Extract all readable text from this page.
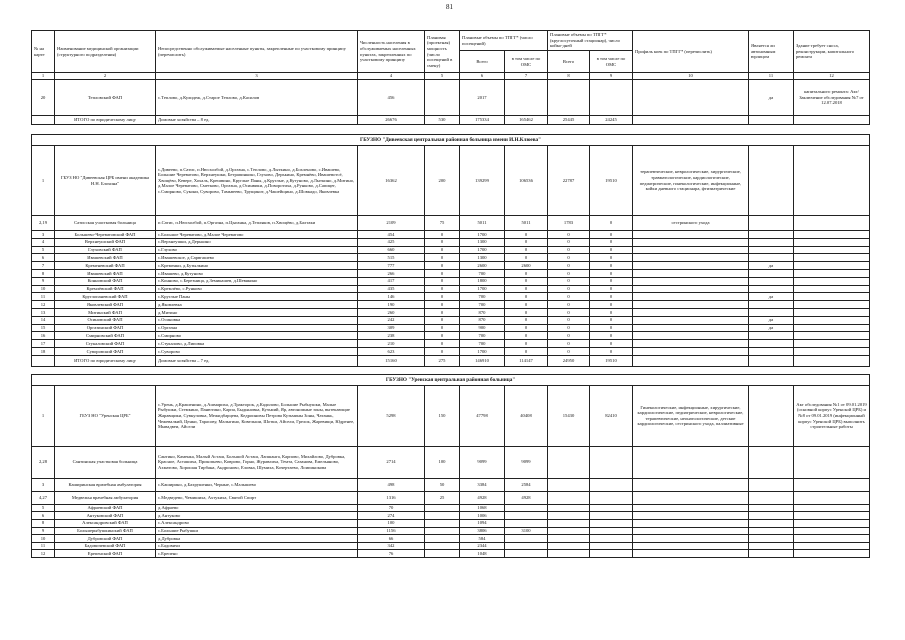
81
№ на карте	Наименование медицинской организации (структурного подразделения)	Непосредственно обслуживаемые населенные пункты, закрепленные по участковому принципу (перечислить)	Численность населения в обслуживаемых населенных пунктах, закрепленных по участковому принципу	Плановая (проектная) мощность (число посещений в смену)	Плановые объемы по ТПГГ* (число посещений)		Плановые объемы по ТПГГ* (круглосуточный стационар), число койко-дней		Профиль коек по ТПГГ* (перечислить)	Является ли автономным юрлицом	Здание требует сноса, реконструкции, капитального ремонта
					Всего	в том числе по ОМС	Всего	в том числе по ОМС			
1	2	3	4	5	6	7	8	9	10	11	12
20	Тепловский ФАП	с.Теплово, д.Кулидеж, д.Старое Теплово, д.Касилов	456		2017					да	капитального ремонта: Акт/Заключение обследования №7 от 12.07.2018
	ИТОГО по юридическому лицу	Домовые хозяйства – 8 ед.	26676	530	175334	165462	25445	24245			

ГБУЗНО "Дивеевская центральная районная больница имени И.Н.Клюева"											
1	ГБУЗ НО "Дивеевская ЦРБ имени академика Н.Н. Блохина"	с.Дивеево, п.Сатис, п.Нюсхолбой, д.Оргазна, с.Теплово, д.Лыткино, д.Бохленово, с.Ивашево, Большие Череватово, Верхнеушки, Бетрапинкоко, Глухово, Дерькино, Кремнёво, Ивашевотсё, Хвощёво, Кевере, Хохаль, Крешвино, Круглые Паны, д.Круглые, д.Кутуново, д.Лыткино, д.Митино, д.Малое Череватово, Сметково, Оргазна, д.Осинвики, д.Поворотиха, д.Рунково, д.Сапицег, с.Смирново, Сукони, Суворово, Тамьвеево, Трущинот, д.Чашейщино, д.Шовкадо, Яковлевка	16362	200	139299	106536	22787	19510	терапевтические, неврологические, хирургические, травматологические, кардиологические, педиатрические, гинекологические, инфекционные, койки дневного стационара, фтизиатрические		
2,19	Сатисская участковая больница	п.Сатис, п.Нюсхолбой, п.Оргазна, п.Цыганка, д.Тепляков, п.Хвощёво, д.Балтаки	2109	75	5011	5011	1783	0	сестринского ухода		
3	Большево-Череватовский ФАП	с.Большое Череватово, д.Малое Череватово	454	0	1700	0	0	0			
4	Верхнеушский ФАП	с.Верхнеушки, д.Дерькино	425	0	1300	0	0	0			
5	Глуховский ФАП	с.Глухово	660	0	1700	0	0	0			
6	Ивашевский ФАП	с.Ивашевское, д.Сарвгашево	515	0	1300	0	0	0			
7	Кременевский ФАП	с.Кременки, д.Бутылкино	777	0	2600	2600	0	0		да	
8	Ивашевский ФАП	с.Ивашево, д.Кутуново	266	0	700	0	0	0			
9	Конновский ФАП	с.Конново, с.Березница, д.Земикашев, д.Шевякино	417	0	1800	0	0	0			
10	Кремлёвский ФАП	с.Кремлёво, с.Рунково	435	0	1700	0	0	0			
11	Круглопаневский ФАП	с.Круглые Паны	146	0	700	0	0	0		да	
12	Яковлевский ФАП	д.Яковлевка	190	0	700	0	0	0			
13	Митинский ФАП	д.Митино	260	0	870	0	0	0			
14	Осиновский ФАП	с.Осиновка	242	0	870	0	0	0		да	
15	Оргазинский ФАП	с.Оргазна	309	0	900	0	0	0		да	
16	Смирновский ФАП	с.Смирново	238	0	700	0	0	0			
17	Стукаловский ФАП	с.Стукалово, д.Липовка	210	0	700	0	0	0			
18	Суворовский ФАП	с.Суворово	623	0	1700	0	0	0			
	ИТОГО по юридическому лицу	Домовые хозяйства – 7 ед.	15160	275	146910	114147	24950	19510			

ГБУЗНО "Уренская центральная районная больница"											
1	ГБУЗ НО "Уренская ЦРБ"	с.Урень, д.Крашенино, д.Ашмариха, д.Тракторок, д.Кадилово, Большие Рыбнушки, Малые Рыбушки, Стемкино, Панютино, Карпа, Быдыновка, Кузьмий, Яр, автономные зоны, вытекающие Жаравщики, Сувнуловка, Межидбарцева, Кедроиновы Петрова Кузьмины Зоны, Чатанкь, Чежевалкий, Ценки, Тарасову, Малыгино, Ковельши, Шотки, Айсели, Грелок, Жаревищи, Юдренее, Мывадвеи, Айсели	5298	150	47798	40408	15430	82410	Гинекологические, инфекционные, хирургические, кардиологические, педиатрические, неврологические, терапевтические, неонатологические, детские кардиологические, сестринского ухода, паллиативные		Акт обследования №1 от 09.01.2019 (основной корпус Уренской ЦРБ) и №8 от 09.01.2019 (инфекционный корпус Уренской ЦРБ) выполнить строительные работы
2,28	Сантинская участковая больница	Сантино, Каменка, Малый Асташ, Большой Асташ, Лапшанга, Карпово, Михайлово, Дубровка, Красное, Асташиха, Прокопьево, Коврово, Горно, Журавлиха, Темта, Сазанова, Емельяново, Ахматово, Хорошая Тирбана, Андроново, Еловка, Шумиха, Кочертаево, Лоипинокова	2714	100	9099	9099					
3	Каширинская врачебная амбулатория	с.Каширино, д.Бахрушенки, Черные, с.Малышево	498	50	3384	2584					
4,27	Медвежья врачебная амбулатория	с.Медведево, Чемишиха, Ахтукиха, Святой Спирт	1316	25	4928	4928					
5	Афраевский ФАП	д.Афраево	70		1068						
6	Антуковский ФАП	д.Антуково	274		1006						
8	Александровский ФАП	с.Александрово	100		1094						
9	Большерыбушкинский ФАП	с.Большие Рыбушки	1156		3806	3100					
10	Дубровский ФАП	д.Дубровка	66		584						
11	Бадовичевский ФАП	с.Бадовичи	342		2344						
12	Ерепенский ФАП	с.Ерепено	76		1048						
